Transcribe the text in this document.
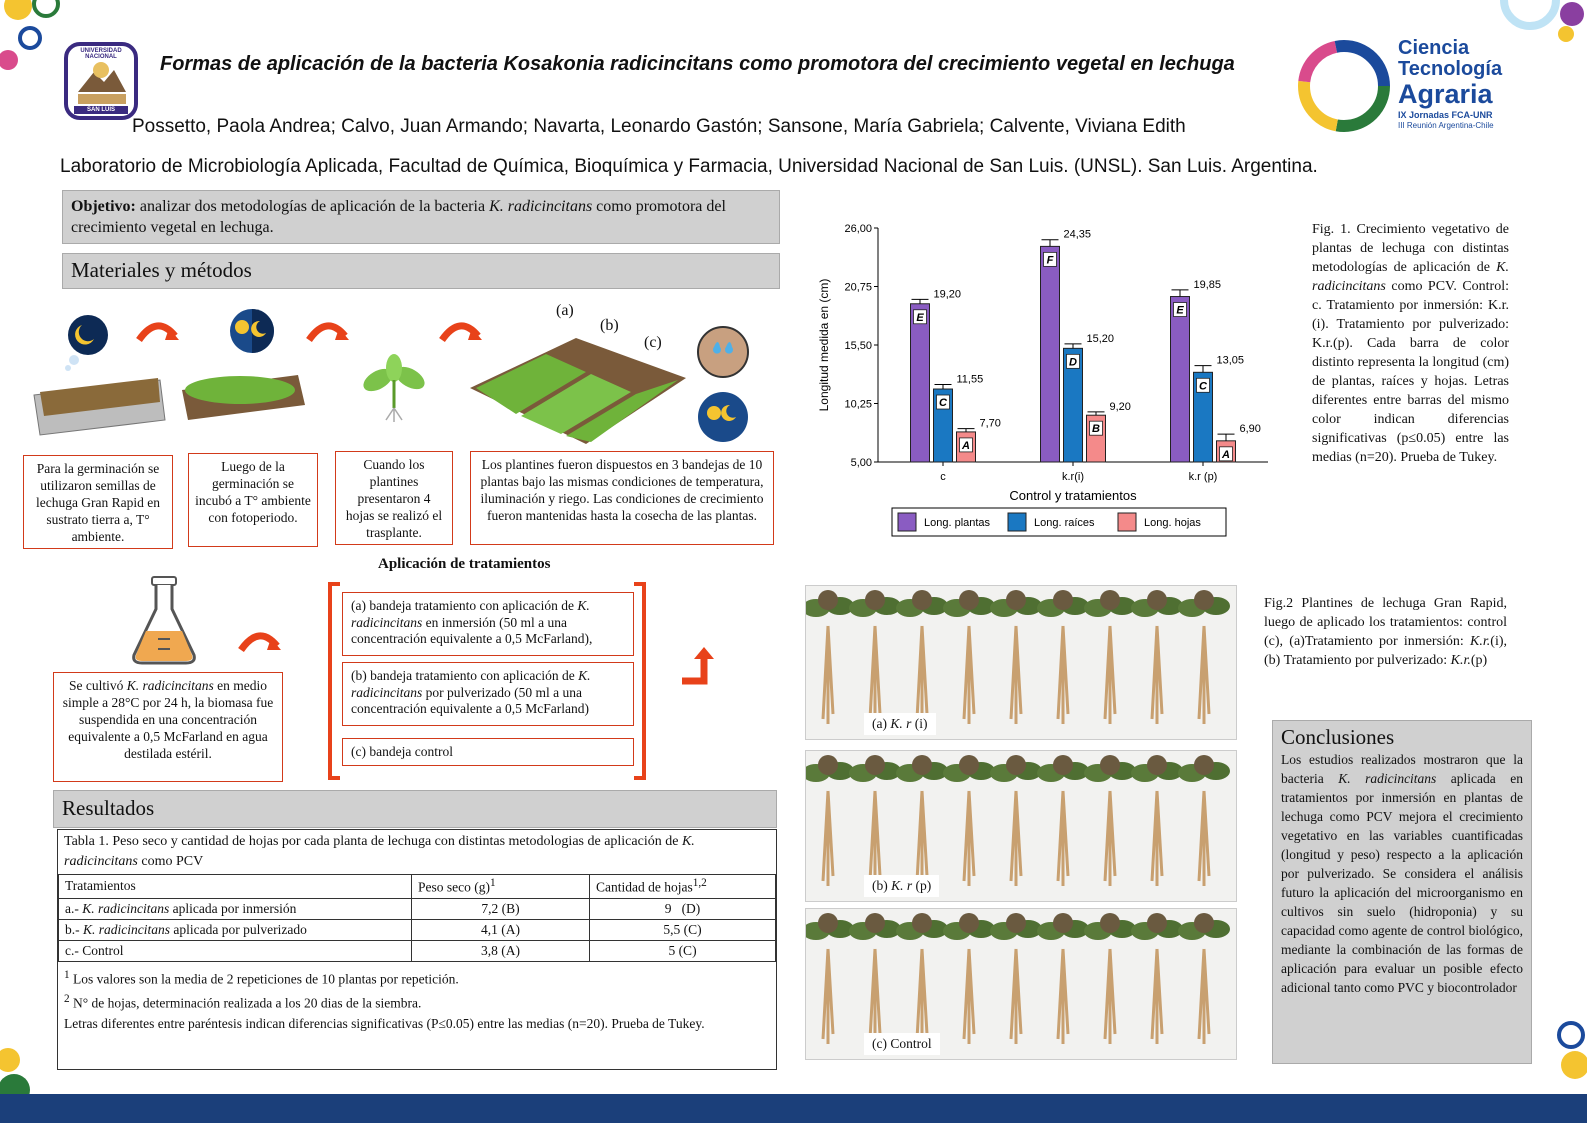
UNIVERSIDAD NACIONAL
SAN LUIS
Formas de aplicación de la bacteria Kosakonia radicincitans como promotora del crecimiento vegetal en lechuga
Possetto, Paola Andrea; Calvo, Juan Armando; Navarta, Leonardo Gastón; Sansone, María Gabriela; Calvente, Viviana Edith
Laboratorio de Microbiología Aplicada, Facultad de Química, Bioquímica y Farmacia, Universidad Nacional de San Luis. (UNSL). San Luis. Argentina.
Ciencia
Tecnología
Agraria
IX Jornadas FCA-UNR
III Reunión Argentina-Chile
Objetivo: analizar dos metodologías de aplicación de la bacteria K. radicincitans como promotora del crecimiento vegetal en lechuga.
Materiales y métodos
(a)
(b)
(c)
Para la germinación se utilizaron semillas de lechuga Gran Rapid en sustrato tierra a, T° ambiente.
Luego de la germinación se incubó a T° ambiente con fotoperiodo.
Cuando los plantines presentaron 4 hojas se realizó el trasplante.
Los plantines fueron dispuestos en 3 bandejas de 10 plantas bajo las mismas condiciones de temperatura, iluminación y riego. Las condiciones de crecimiento fueron mantenidas hasta la cosecha de las plantas.
Aplicación de tratamientos
Se cultivó K. radicincitans en medio simple a 28°C por 24 h, la biomasa fue suspendida en una concentración equivalente a 0,5 McFarland en agua destilada estéril.
(a) bandeja tratamiento con aplicación de K. radicincitans en inmersión (50 ml a una concentración equivalente a 0,5 McFarland),
(b) bandeja tratamiento con aplicación de K. radicincitans por pulverizado (50 ml a una concentración equivalente a 0,5 McFarland)
(c) bandeja control
Resultados
Tabla 1. Peso seco y cantidad de hojas por cada planta de lechuga con distintas metodologias de aplicación de K. radicincitans como PCV
Tratamientos	Peso seco $(g)^1$	Cantidad de hojas$^{1,2}$
a.- K. radicincitans aplicada por inmersión	7,2 (B)	9   (D)
b.- K. radicincitans aplicada por pulverizado	4,1 (A)	5,5 (C)
c.- Control	3,8 (A)	5 (C)
$^1$ Los valores son la media de 2 repeticiones de 10 plantas por repetición.
$^2$ N° de hojas, determinación realizada a los 20 dias de la siembra.
Letras diferentes entre paréntesis indican diferencias significativas (P≤0.05) entre las medias (n=20). Prueba de Tukey.
5,00
10,25
15,50
20,75
26,00
Longitud medida en (cm)
c
19,20
E
11,55
C
7,70
A
k.r(i)
24,35
F
15,20
D
9,20
B
k.r (p)
19,85
E
13,05
C
6,90
A
Control y tratamientos
Long. plantas	Long. raíces	Long. hojas
Fig. 1. Crecimiento vegetativo de plantas de lechuga con distintas metodologías de aplicación de K. radicincitans como PCV. Control: c. Tratamiento por inmersión: K.r.(i). Tratamiento por pulverizado: K.r.(p). Cada barra de color distinto representa la longitud (cm) de plantas, raíces y hojas. Letras diferentes entre barras del mismo color indican diferencias significativas (p≤0.05) entre las medias (n=20). Prueba de Tukey.
(a) K. r (i)
(b) K. r (p)
(c) Control
Fig.2 Plantines de lechuga Gran Rapid, luego de aplicado los tratamientos: control (c), (a)Tratamiento por inmersión: K.r.(i), (b) Tratamiento por pulverizado: K.r.(p)
Conclusiones
Los estudios realizados mostraron que la bacteria K. radicincitans aplicada en tratamientos por inmersión en plantas de lechuga como PCV mejora el crecimiento vegetativo en las variables cuantificadas (longitud y peso) respecto a la aplicación por pulverizado. Se considera el análisis futuro la aplicación del microorganismo en cultivos sin suelo (hidroponia) y su capacidad como agente de control biológico, mediante la combinación de las formas de aplicación para evaluar un posible efecto adicional tanto como PVC y biocontrolador
